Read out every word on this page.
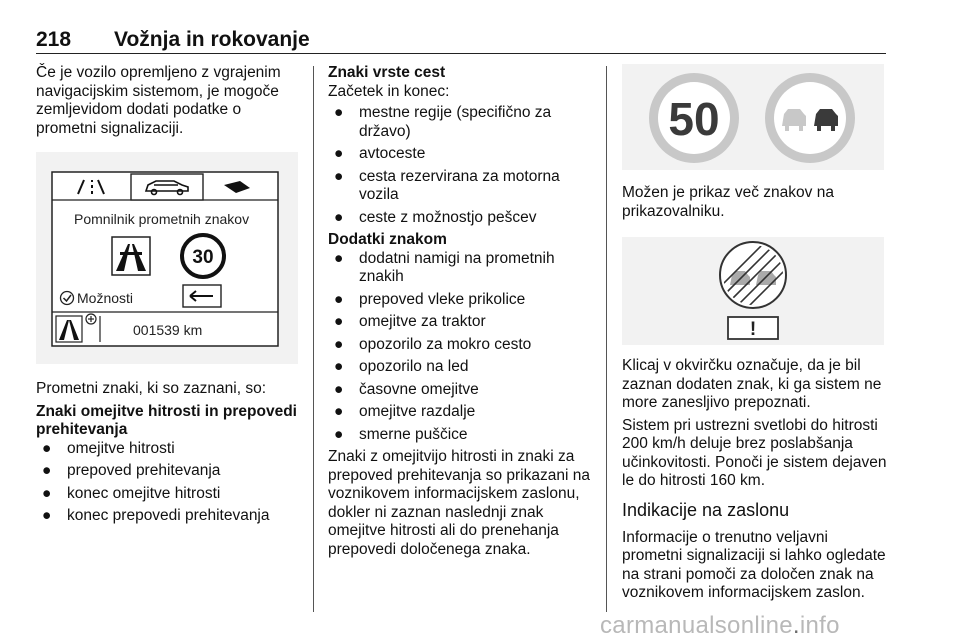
218 Vožnja in rokovanje

Če je vozilo opremljeno z vgrajenim navigacijskim sistemom, je mogoče zemljevidom dodati podatke o prometni signalizaciji.

Pomnilnik prometnih znakov
30
Možnosti
001539 km

Prometni znaki, ki so zaznani, so:

Znaki omejitve hitrosti in prepovedi prehitevanja

● omejitve hitrosti
● prepoved prehitevanja
● konec omejitve hitrosti
● konec prepovedi prehitevanja

Znaki vrste cest

Začetek in konec:

● mestne regije (specifično za državo)
● avtoceste
● cesta rezervirana za motorna vozila
● ceste z možnostjo pešcev

Dodatki znakom

● dodatni namigi na prometnih znakih
● prepoved vleke prikolice
● omejitve za traktor
● opozorilo za mokro cesto
● opozorilo na led
● časovne omejitve
● omejitve razdalje
● smerne puščice

Znaki z omejitvijo hitrosti in znaki za prepoved prehitevanja so prikazani na voznikovem informacijskem zaslonu, dokler ni zaznan naslednji znak omejitve hitrosti ali do prenehanja prepovedi določenega znaka.

50

Možen je prikaz več znakov na prikazovalniku.

!

Klicaj v okvirčku označuje, da je bil zaznan dodaten znak, ki ga sistem ne more zanesljivo prepoznati.

Sistem pri ustrezni svetlobi do hitrosti 200 km/h deluje brez poslabšanja učinkovitosti. Ponoči je sistem dejaven le do hitrosti 160 km.

Indikacije na zaslonu

Informacije o trenutno veljavni prometni signalizaciji si lahko ogledate na strani pomoči za določen znak na voznikovem informacijskem zaslon.

carmanualsonline.info
